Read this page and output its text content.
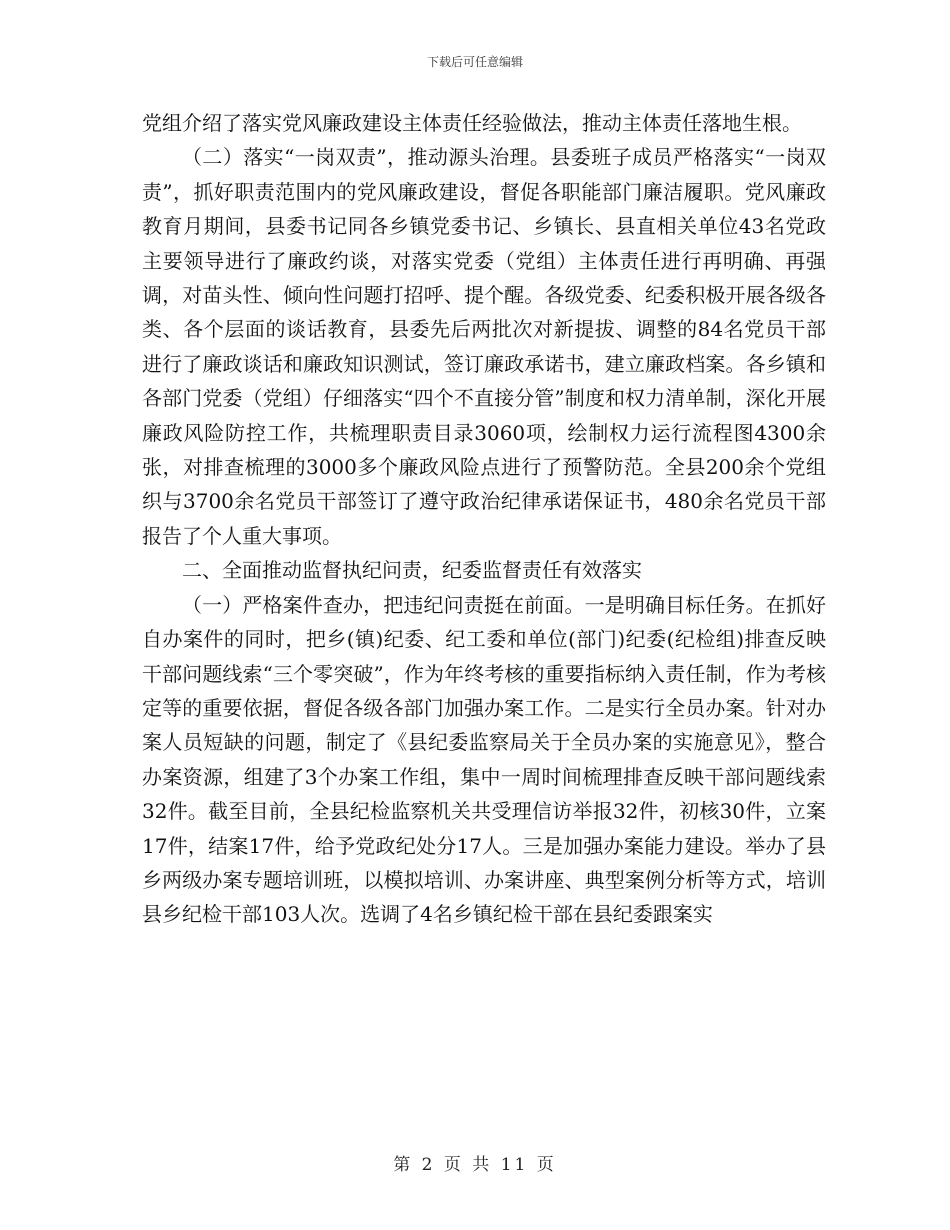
下载后可任意编辑

党组介绍了落实党风廉政建设主体责任经验做法，推动主体责任落地生根。

（二）落实“一岗双责”，推动源头治理。县委班子成员严格落实“一岗双责”，抓好职责范围内的党风廉政建设，督促各职能部门廉洁履职。党风廉政教育月期间，县委书记同各乡镇党委书记、乡镇长、县直相关单位43名党政主要领导进行了廉政约谈，对落实党委（党组）主体责任进行再明确、再强调，对苗头性、倾向性问题打招呼、提个醒。各级党委、纪委积极开展各级各类、各个层面的谈话教育，县委先后两批次对新提拔、调整的84名党员干部进行了廉政谈话和廉政知识测试，签订廉政承诺书，建立廉政档案。各乡镇和各部门党委（党组）仔细落实“四个不直接分管”制度和权力清单制，深化开展廉政风险防控工作，共梳理职责目录3060项，绘制权力运行流程图4300余张，对排查梳理的3000多个廉政风险点进行了预警防范。全县200余个党组织与3700余名党员干部签订了遵守政治纪律承诺保证书，480余名党员干部报告了个人重大事项。

二、全面推动监督执纪问责，纪委监督责任有效落实

（一）严格案件查办，把违纪问责挺在前面。一是明确目标任务。在抓好自办案件的同时，把乡(镇)纪委、纪工委和单位(部门)纪委(纪检组)排查反映干部问题线索“三个零突破”，作为年终考核的重要指标纳入责任制，作为考核定等的重要依据，督促各级各部门加强办案工作。二是实行全员办案。针对办案人员短缺的问题，制定了《县纪委监察局关于全员办案的实施意见》，整合办案资源，组建了3个办案工作组，集中一周时间梳理排查反映干部问题线索32件。截至目前，全县纪检监察机关共受理信访举报32件，初核30件，立案17件，结案17件，给予党政纪处分17人。三是加强办案能力建设。举办了县乡两级办案专题培训班，以模拟培训、办案讲座、典型案例分析等方式，培训县乡纪检干部103人次。选调了4名乡镇纪检干部在县纪委跟案实

第 2 页 共 11 页
